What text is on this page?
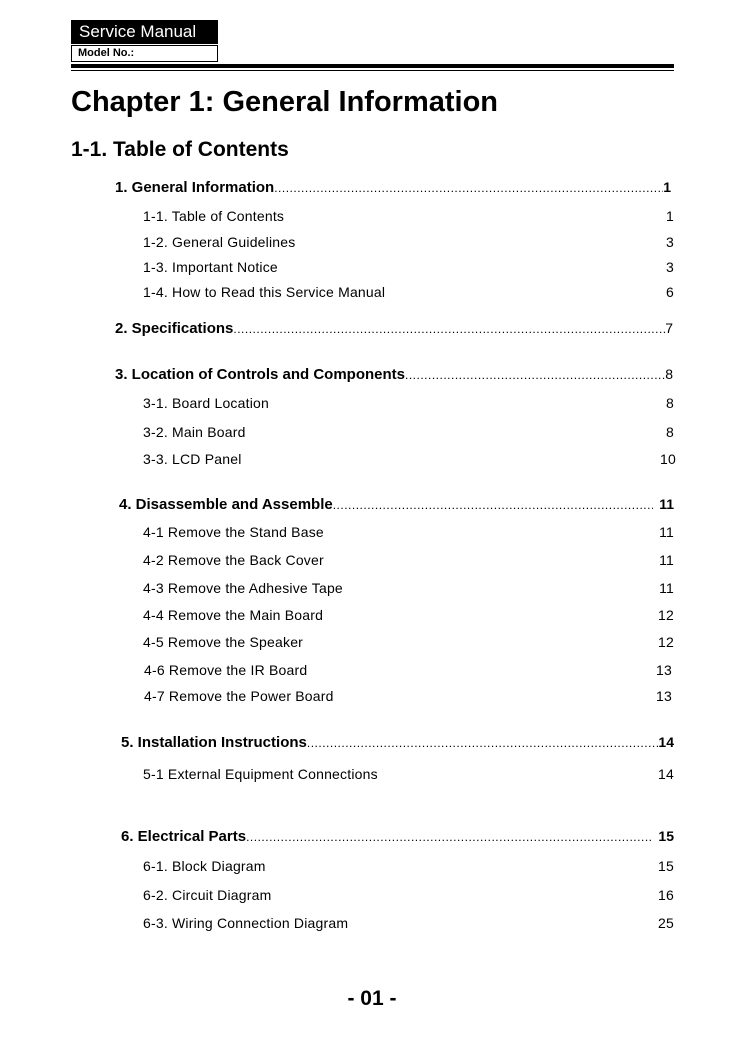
Service Manual
Model No.:
Chapter 1: General Information
1-1. Table of Contents
1. General Information .....	1
1-1. Table of Contents	1
1-2. General Guidelines	3
1-3. Important Notice	3
1-4. How to Read this Service Manual	6
2. Specifications .....	7
3. Location of Controls and Components .....	8
3-1. Board Location	8
3-2. Main Board	8
3-3. LCD Panel	10
4. Disassemble and Assemble .....	11
4-1 Remove the Stand Base	11
4-2 Remove the Back Cover	11
4-3 Remove the Adhesive Tape	11
4-4 Remove the Main Board	12
4-5 Remove the Speaker	12
4-6 Remove the IR Board	13
4-7 Remove the Power Board	13
5. Installation Instructions .....	14
5-1 External Equipment Connections	14
6. Electrical Parts .....	15
6-1. Block Diagram	15
6-2. Circuit Diagram	16
6-3. Wiring Connection Diagram	25
- 01 -
